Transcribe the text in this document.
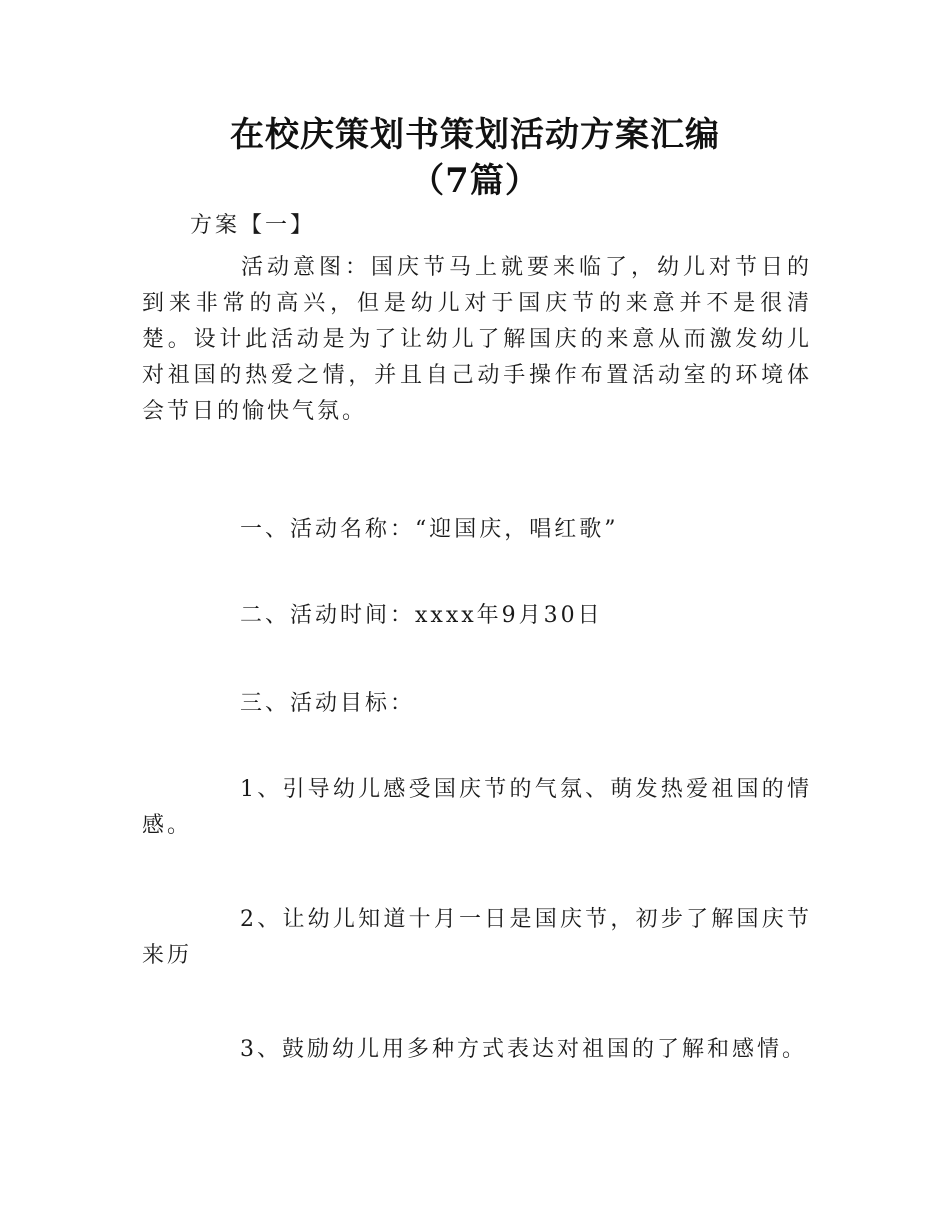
在校庆策划书策划活动方案汇编
（7篇）
方案【一】

活动意图：国庆节马上就要来临了，幼儿对节日的到来非常的高兴，但是幼儿对于国庆节的来意并不是很清楚。设计此活动是为了让幼儿了解国庆的来意从而激发幼儿对祖国的热爱之情，并且自己动手操作布置活动室的环境体会节日的愉快气氛。

一、活动名称：“迎国庆，唱红歌”

二、活动时间：xxxx年9月30日

三、活动目标：

1、引导幼儿感受国庆节的气氛、萌发热爱祖国的情感。

2、让幼儿知道十月一日是国庆节，初步了解国庆节来历

3、鼓励幼儿用多种方式表达对祖国的了解和感情。
